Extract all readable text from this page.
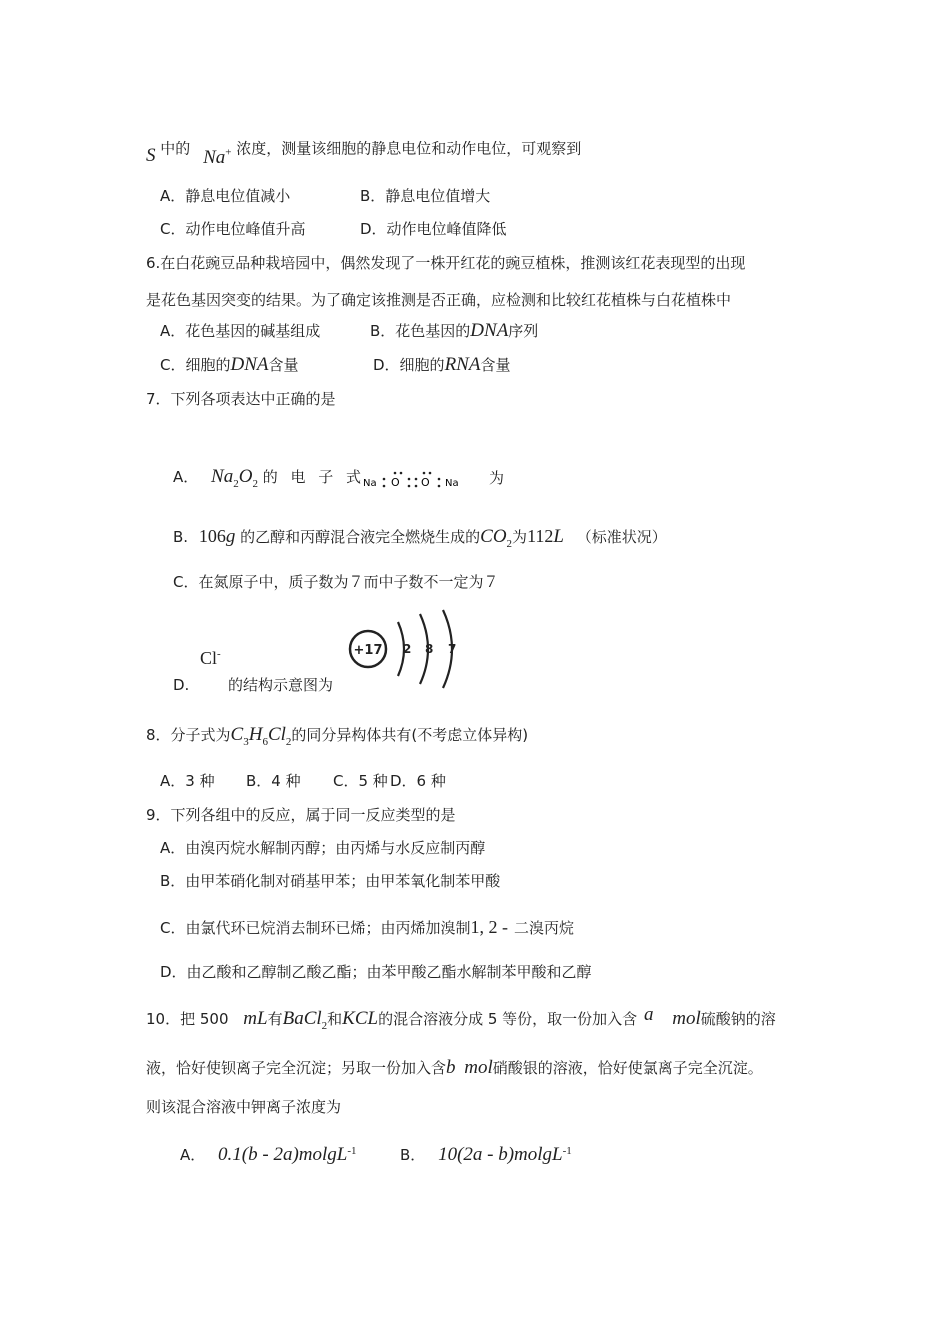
S 中的 Na+ 浓度，测量该细胞的静息电位和动作电位，可观察到
A．静息电位值减小	B．静息电位值增大
C．动作电位峰值升高	D．动作电位峰值降低
6.在白花豌豆品种栽培园中，偶然发现了一株开红花的豌豆植株，推测该红花表现型的出现
是花色基因突变的结果。为了确定该推测是否正确，应检测和比较红花植株与白花植株中
A．花色基因的碱基组成	B．花色基因的DNA序列
C．细胞的DNA含量	D．细胞的RNA含量
7．下列各项表达中正确的是
A． $Na_2O_2$ 的 电 子 式
Na O O Na 为
B. 106g 的乙醇和丙醇混合液完全燃烧生成的$CO_2$为112L （标准状况）
C．在氮原子中，质子数为７而中子数不一定为７
Cl-
D.	的结构示意图为
+17 2 8 7
8．分子式为$C_3H_6Cl_2$的同分异构体共有(不考虑立体异构)
A．3 种 B．4 种 C．5 种 D．6 种
9．下列各组中的反应，属于同一反应类型的是
A．由溴丙烷水解制丙醇；由丙烯与水反应制丙醇
B．由甲苯硝化制对硝基甲苯；由甲苯氧化制苯甲酸
C．由氯代环已烷消去制环已烯；由丙烯加溴制1, 2 - 二溴丙烷
D．由乙酸和乙醇制乙酸乙酯；由苯甲酸乙酯水解制苯甲酸和乙醇
10．把 500 mL有BaCl$_2$和KCL的混合溶液分成 5 等份，取一份加入含 a mol硫酸钠的溶
液，恰好使钡离子完全沉淀；另取一份加入含b mol硝酸银的溶液，恰好使氯离子完全沉淀。
则该混合溶液中钾离子浓度为
A． 0.1(b - 2a)molgL$^{-1}$	B． 10(2a - b)molgL$^{-1}$
